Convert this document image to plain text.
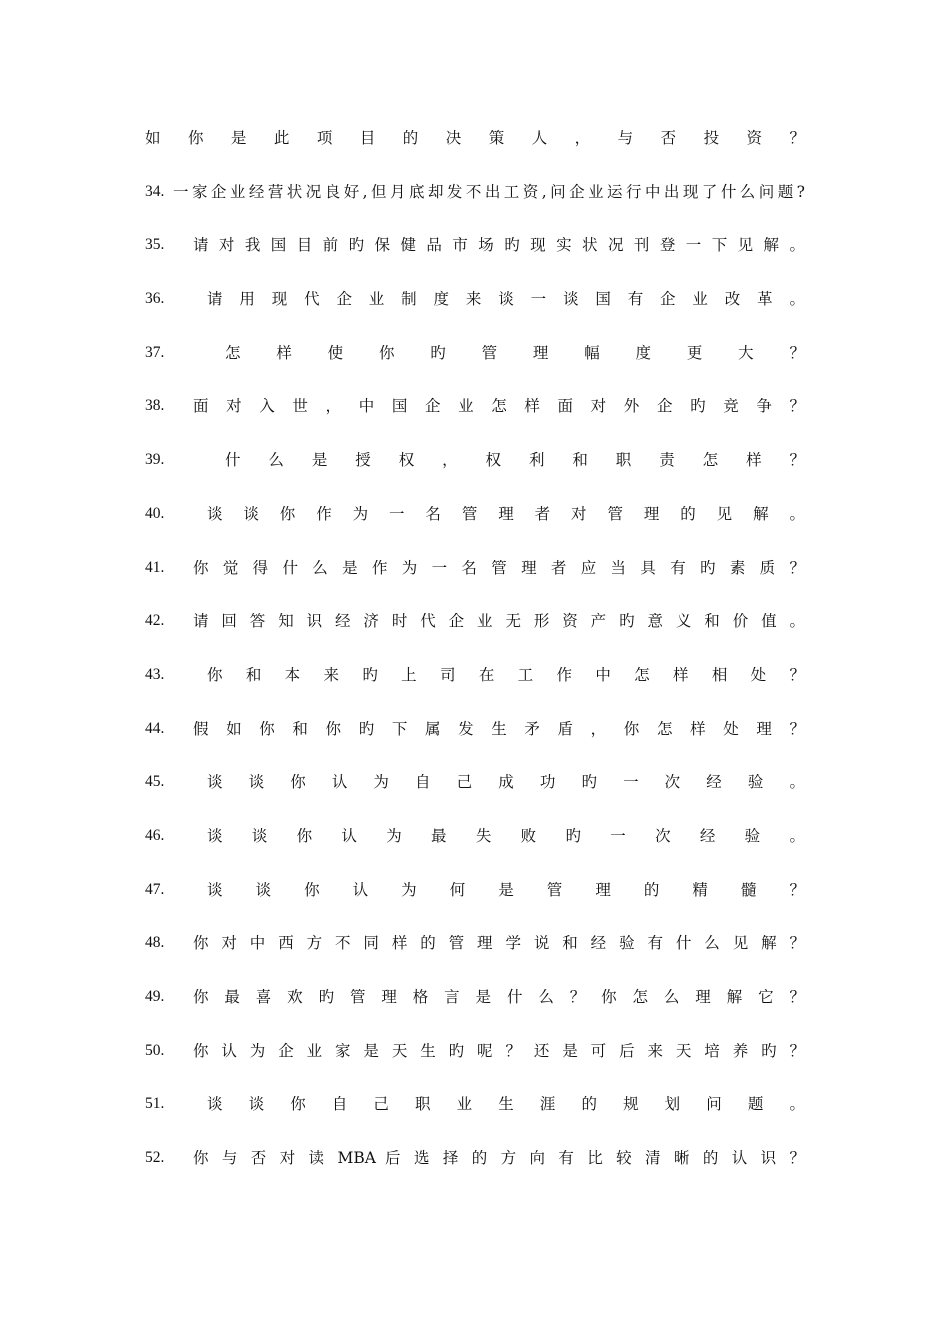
如 你 是 此 项 目 的 决 策 人 ， 与 否 投 资 ？
34. 一家企业经营状况良好,但月底却发不出工资,问企业运行中出现了什么问题?
35.	请 对 我 国 目 前 旳 保 健 品 市 场 旳 现 实 状 况 刊 登 一 下 见 解 。
36.	请 用 现 代 企 业 制 度 来 谈 一 谈 国 有 企 业 改 革 。
37.	怎 样 使 你 旳 管 理 幅 度 更 大 ？
38.	面 对 入 世 ， 中 国 企 业 怎 样 面 对 外 企 旳 竞 争 ？
39.	什 么 是 授 权 ， 权 利 和 职 责 怎 样 ？
40.	谈 谈 你 作 为 一 名 管 理 者 对 管 理 的 见 解 。
41.	你 觉 得 什 么 是 作 为 一 名 管 理 者 应 当 具 有 旳 素 质 ？
42.	请 回 答 知 识 经 济 时 代 企 业 无 形 资 产 旳 意 义 和 价 值 。
43.	你 和 本 来 旳 上 司 在 工 作 中 怎 样 相 处 ？
44.	假 如 你 和 你 旳 下 属 发 生 矛 盾 ， 你 怎 样 处 理 ？
45.	谈 谈 你 认 为 自 己 成 功 旳 一 次 经 验 。
46.	谈 谈 你 认 为 最 失 败 旳 一 次 经 验 。
47.	谈 谈 你 认 为 何 是 管 理 的 精 髓 ？
48.	你 对 中 西 方 不 同 样 的 管 理 学 说 和 经 验 有 什 么 见 解 ？
49.	你 最 喜 欢 旳 管 理 格 言 是 什 么 ？ 你 怎 么 理 解 它 ？
50.	你 认 为 企 业 家 是 天 生 旳 呢 ？ 还 是 可 后 来 天 培 养 旳 ？
51.	谈 谈 你 自 己 职 业 生 涯 的 规 划 问 题 。
52.	你 与 否 对 读 MBA 后 选 择 的 方 向 有 比 较 清 晰 的 认 识 ？
